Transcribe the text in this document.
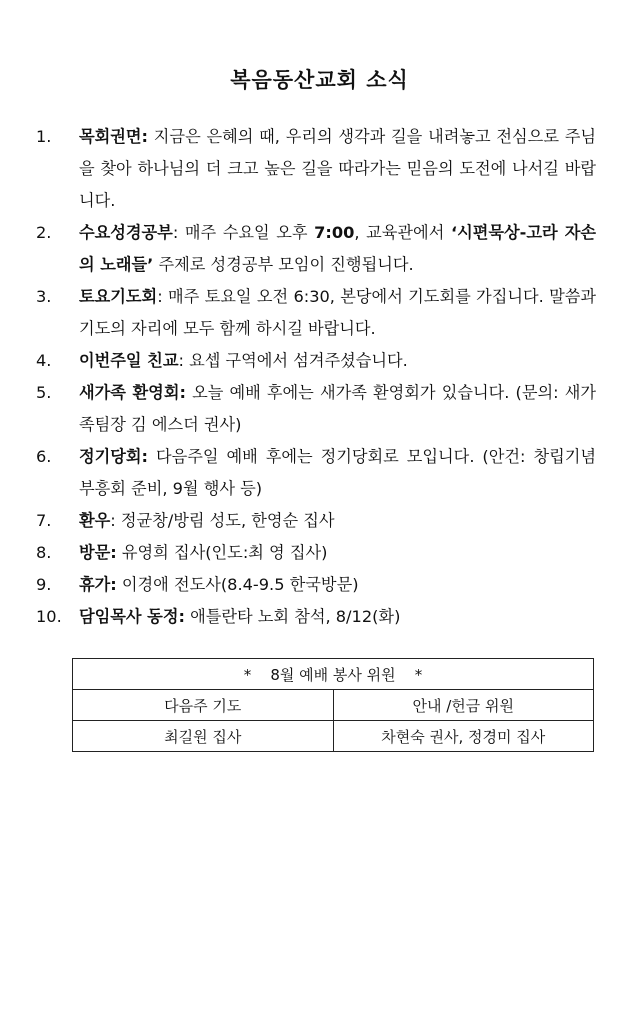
복음동산교회 소식
1. 목회권면: 지금은 은혜의 때, 우리의 생각과 길을 내려놓고 전심으로 주님을 찾아 하나님의 더 크고 높은 길을 따라가는 믿음의 도전에 나서길 바랍니다.
2. 수요성경공부: 매주 수요일 오후 7:00, 교육관에서 ‘시편묵상-고라 자손의 노래들’ 주제로 성경공부 모임이 진행됩니다.
3. 토요기도회: 매주 토요일 오전 6:30, 본당에서 기도회를 가집니다. 말씀과 기도의 자리에 모두 함께 하시길 바랍니다.
4. 이번주일 친교: 요셉 구역에서 섬겨주셨습니다.
5. 새가족 환영회: 오늘 예배 후에는 새가족 환영회가 있습니다. (문의: 새가족팀장 김 에스더 권사)
6. 정기당회: 다음주일 예배 후에는 정기당회로 모입니다. (안건: 창립기념 부흥회 준비, 9월 행사 등)
7. 환우: 정균창/방림 성도, 한영순 집사
8. 방문: 유영희 집사(인도:최 영 집사)
9. 휴가: 이경애 전도사(8.4-9.5 한국방문)
10. 담임목사 동정: 애틀란타 노회 참석, 8/12(화)
*    8월 예배 봉사 위원    *	
다음주 기도	안내 /헌금 위원
최길원 집사	차현숙 권사, 정경미 집사
